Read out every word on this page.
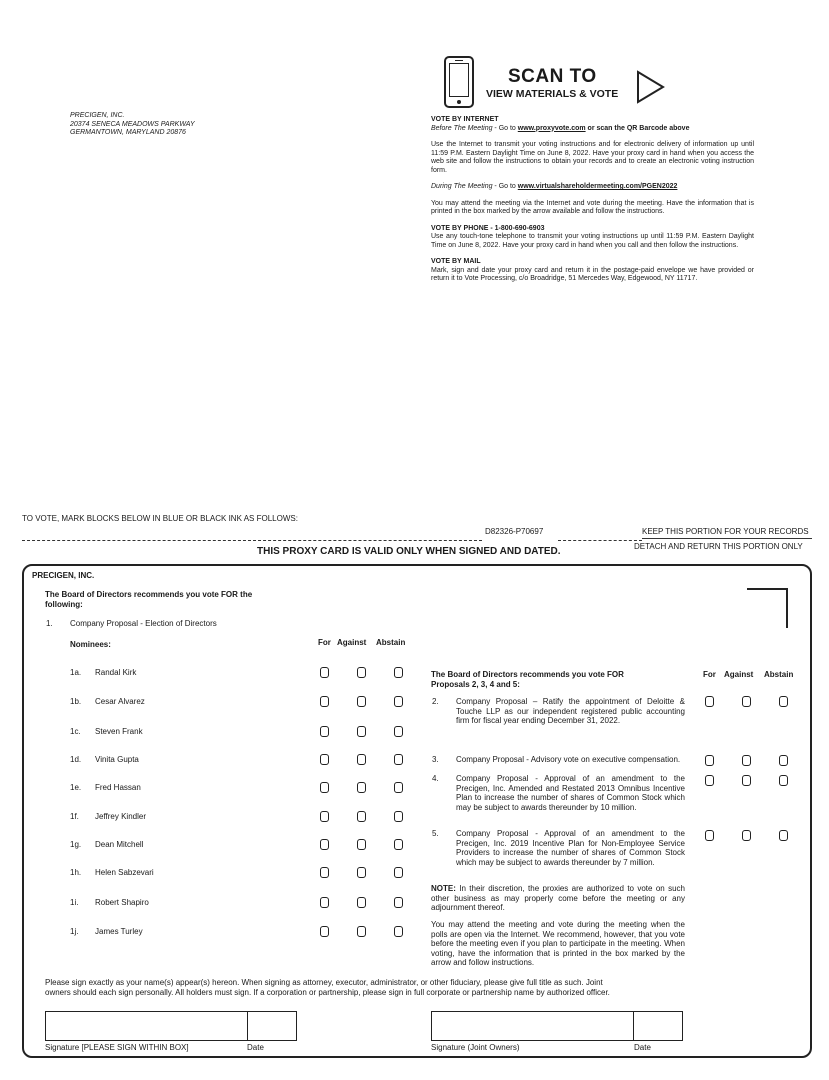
SCAN TO
VIEW MATERIALS & VOTE
PRECIGEN, INC.
20374 SENECA MEADOWS PARKWAY
GERMANTOWN, MARYLAND 20876
VOTE BY INTERNET
Before The Meeting - Go to www.proxyvote.com or scan the QR Barcode above
Use the Internet to transmit your voting instructions and for electronic delivery of information up until 11:59 P.M. Eastern Daylight Time on June 8, 2022. Have your proxy card in hand when you access the web site and follow the instructions to obtain your records and to create an electronic voting instruction form.
During The Meeting - Go to www.virtualshareholdermeeting.com/PGEN2022
You may attend the meeting via the Internet and vote during the meeting. Have the information that is printed in the box marked by the arrow available and follow the instructions.
VOTE BY PHONE - 1-800-690-6903
Use any touch-tone telephone to transmit your voting instructions up until 11:59 P.M. Eastern Daylight Time on June 8, 2022. Have your proxy card in hand when you call and then follow the instructions.
VOTE BY MAIL
Mark, sign and date your proxy card and return it in the postage-paid envelope we have provided or return it to Vote Processing, c/o Broadridge, 51 Mercedes Way, Edgewood, NY 11717.
TO VOTE, MARK BLOCKS BELOW IN BLUE OR BLACK INK AS FOLLOWS:
D82326-P70697	KEEP THIS PORTION FOR YOUR RECORDS
DETACH AND RETURN THIS PORTION ONLY
THIS PROXY CARD IS VALID ONLY WHEN SIGNED AND DATED.
PRECIGEN, INC.
The Board of Directors recommends you vote FOR the
following:
1. Company Proposal - Election of Directors
Nominees:	For Against Abstain
1a. Randal Kirk
1b. Cesar Alvarez
1c. Steven Frank
1d. Vinita Gupta
1e. Fred Hassan
1f. Jeffrey Kindler
1g. Dean Mitchell
1h. Helen Sabzevari
1i. Robert Shapiro
1j. James Turley
The Board of Directors recommends you vote FOR
Proposals 2, 3, 4 and 5:
For Against Abstain
2. Company Proposal – Ratify the appointment of Deloitte & Touche LLP as our independent registered public accounting firm for fiscal year ending December 31, 2022.
3. Company Proposal - Advisory vote on executive compensation.
4. Company Proposal - Approval of an amendment to the Precigen, Inc. Amended and Restated 2013 Omnibus Incentive Plan to increase the number of shares of Common Stock which may be subject to awards thereunder by 10 million.
5. Company Proposal - Approval of an amendment to the Precigen, Inc. 2019 Incentive Plan for Non-Employee Service Providers to increase the number of shares of Common Stock which may be subject to awards thereunder by 7 million.
NOTE: In their discretion, the proxies are authorized to vote on such other business as may properly come before the meeting or any adjournment thereof.
You may attend the meeting and vote during the meeting when the polls are open via the Internet. We recommend, however, that you vote before the meeting even if you plan to participate in the meeting. When voting, have the information that is printed in the box marked by the arrow and follow instructions.
Please sign exactly as your name(s) appear(s) hereon. When signing as attorney, executor, administrator, or other fiduciary, please give full title as such. Joint
owners should each sign personally. All holders must sign. If a corporation or partnership, please sign in full corporate or partnership name by authorized officer.
Signature [PLEASE SIGN WITHIN BOX]	Date	Signature (Joint Owners)	Date
